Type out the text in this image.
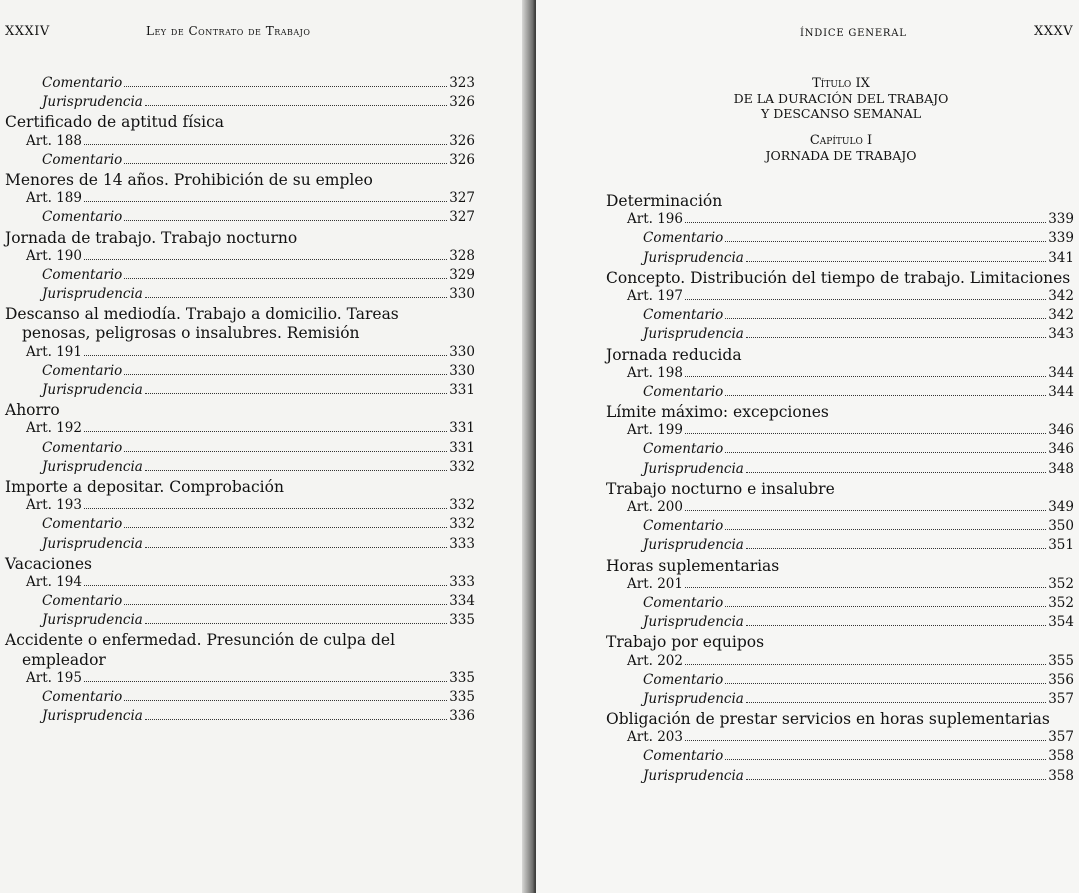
XXXIV	Ley de Contrato de Trabajo
Comentario	323
Jurisprudencia	326
Certificado de aptitud física
Art. 188	326
Comentario	326
Menores de 14 años. Prohibición de su empleo
Art. 189	327
Comentario	327
Jornada de trabajo. Trabajo nocturno
Art. 190	328
Comentario	329
Jurisprudencia	330
Descanso al mediodía. Trabajo a domicilio. Tareas
penosas, peligrosas o insalubres. Remisión
Art. 191	330
Comentario	330
Jurisprudencia	331
Ahorro
Art. 192	331
Comentario	331
Jurisprudencia	332
Importe a depositar. Comprobación
Art. 193	332
Comentario	332
Jurisprudencia	333
Vacaciones
Art. 194	333
Comentario	334
Jurisprudencia	335
Accidente o enfermedad. Presunción de culpa del
empleador
Art. 195	335
Comentario	335
Jurisprudencia	336
ÍNDICE GENERAL	XXXV
Título IX
DE LA DURACIÓN DEL TRABAJO
Y DESCANSO SEMANAL
Capítulo I
JORNADA DE TRABAJO
Determinación
Art. 196	339
Comentario	339
Jurisprudencia	341
Concepto. Distribución del tiempo de trabajo. Limitaciones
Art. 197	342
Comentario	342
Jurisprudencia	343
Jornada reducida
Art. 198	344
Comentario	344
Límite máximo: excepciones
Art. 199	346
Comentario	346
Jurisprudencia	348
Trabajo nocturno e insalubre
Art. 200	349
Comentario	350
Jurisprudencia	351
Horas suplementarias
Art. 201	352
Comentario	352
Jurisprudencia	354
Trabajo por equipos
Art. 202	355
Comentario	356
Jurisprudencia	357
Obligación de prestar servicios en horas suplementarias
Art. 203	357
Comentario	358
Jurisprudencia	358
